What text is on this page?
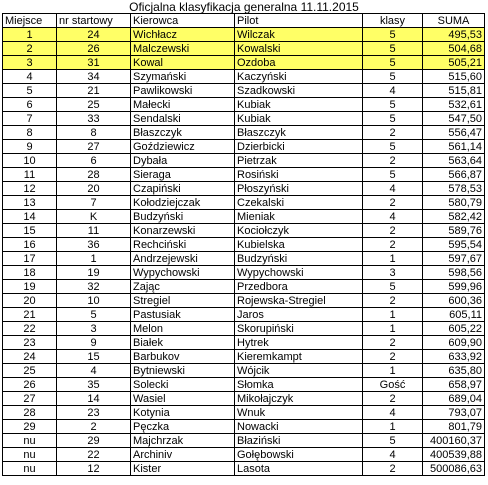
Oficjalna klasyfikacja generalna 11.11.2015
Miejsce	nr startowy	Kierowca	Pilot	klasy	SUMA
1	24	Wichłacz	Wilczak	5	495,53
2	26	Malczewski	Kowalski	5	504,68
3	31	Kowal	Ozdoba	5	505,21
4	34	Szymański	Kaczyński	5	515,60
5	21	Pawlikowski	Szadkowski	4	515,81
6	25	Małecki	Kubiak	5	532,61
7	33	Sendalski	Kubiak	5	547,50
8	8	Błaszczyk	Błaszczyk	2	556,47
9	27	Goździewicz	Dzierbicki	5	561,14
10	6	Dybała	Pietrzak	2	563,64
11	28	Sieraga	Rosiński	5	566,87
12	20	Czapiński	Płoszyński	4	578,53
13	7	Kołodziejczak	Czekalski	2	580,79
14	K	Budzyński	Mieniak	4	582,42
15	11	Konarzewski	Kociołczyk	2	589,76
16	36	Rechciński	Kubielska	2	595,54
17	1	Andrzejewski	Budzyński	1	597,67
18	19	Wypychowski	Wypychowski	3	598,56
19	32	Zając	Przedbora	5	599,96
20	10	Stregiel	Rojewska-Stregiel	2	600,36
21	5	Pastusiak	Jaros	1	605,11
22	3	Melon	Skorupiński	1	605,22
23	9	Białek	Hytrek	2	609,90
24	15	Barbukov	Kieremkampt	2	633,92
25	4	Bytniewski	Wójcik	1	635,80
26	35	Solecki	Słomka	Gość	658,97
27	14	Wasiel	Mikołajczyk	2	689,04
28	23	Kotynia	Wnuk	4	793,07
29	2	Pęczka	Nowacki	1	801,79
nu	29	Majchrzak	Błaziński	5	400160,37
nu	22	Archiniv	Gołębowski	4	400539,88
nu	12	Kister	Lasota	2	500086,63
